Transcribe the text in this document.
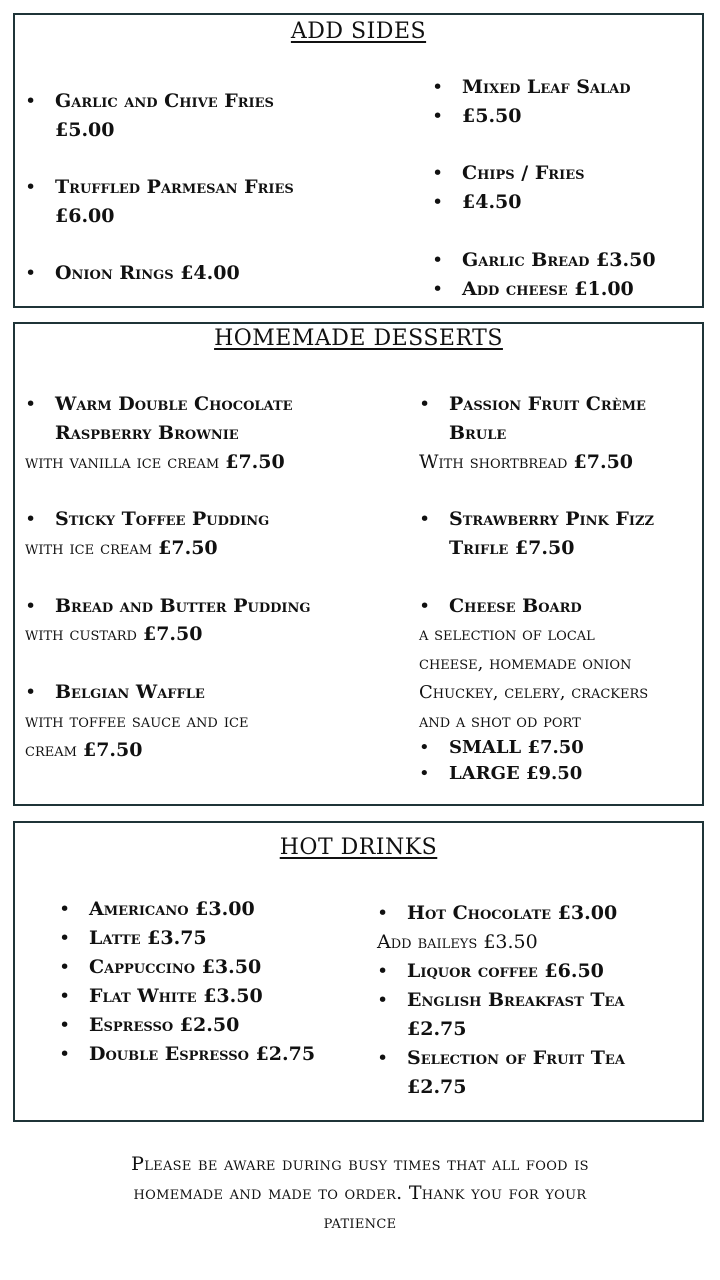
ADD SIDES
• Garlic and Chive Fries
£5.00
• Truffled Parmesan Fries
£6.00
• Onion Rings £4.00
• Mixed Leaf Salad
• £5.50
• Chips / Fries
• £4.50
• Garlic Bread £3.50
• Add cheese £1.00
HOMEMADE DESSERTS
• Warm Double Chocolate
Raspberry Brownie
with vanilla ice cream £7.50
• Sticky Toffee Pudding
with ice cream £7.50
• Bread and Butter Pudding
with custard £7.50
• Belgian Waffle
with toffee sauce and ice
cream £7.50
• Passion Fruit Crème
Brule
With shortbread £7.50
• Strawberry Pink Fizz
Trifle £7.50
• Cheese Board
a selection of local
cheese, homemade onion
Chuckey, celery, crackers
and a shot od port
• SMALL £7.50
• LARGE £9.50
HOT DRINKS
• Americano £3.00
• Latte £3.75
• Cappuccino £3.50
• Flat White £3.50
• Espresso £2.50
• Double Espresso £2.75
• Hot Chocolate £3.00
Add baileys £3.50
• Liquor coffee £6.50
• English Breakfast Tea
£2.75
• Selection of Fruit Tea
£2.75
Please be aware during busy times that all food is
homemade and made to order. Thank you for your
patience
